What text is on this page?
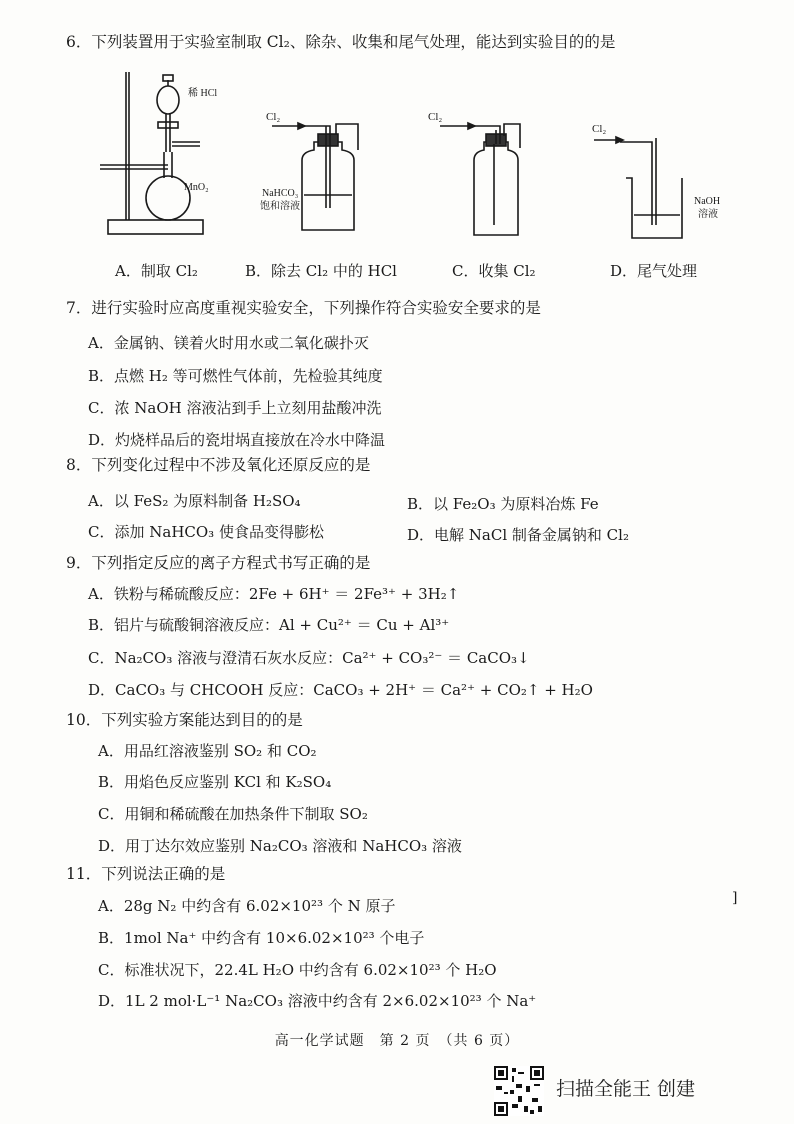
6．下列装置用于实验室制取 Cl₂、除杂、收集和尾气处理，能达到实验目的的是
稀 HCl
MnO₂
Cl₂
NaHCO₃
饱和溶液
Cl₂
Cl₂
NaOH
溶液
A．制取 Cl₂	B．除去 Cl₂ 中的 HCl	C．收集 Cl₂	D．尾气处理
7．进行实验时应高度重视实验安全，下列操作符合实验安全要求的是
A．金属钠、镁着火时用水或二氧化碳扑灭
B．点燃 H₂ 等可燃性气体前，先检验其纯度
C．浓 NaOH 溶液沾到手上立刻用盐酸冲洗
D．灼烧样品后的瓷坩埚直接放在冷水中降温
8．下列变化过程中不涉及氧化还原反应的是
A．以 FeS₂ 为原料制备 H₂SO₄	B．以 Fe₂O₃ 为原料冶炼 Fe
C．添加 NaHCO₃ 使食品变得膨松	D．电解 NaCl 制备金属钠和 Cl₂
9．下列指定反应的离子方程式书写正确的是
A．铁粉与稀硫酸反应：2Fe + 6H⁺ ＝ 2Fe³⁺ + 3H₂↑
B．铝片与硫酸铜溶液反应：Al + Cu²⁺ ＝ Cu + Al³⁺
C．Na₂CO₃ 溶液与澄清石灰水反应：Ca²⁺ + CO₃²⁻ ＝ CaCO₃↓
D．CaCO₃ 与 CHCOOH 反应：CaCO₃ + 2H⁺ ＝ Ca²⁺ + CO₂↑ + H₂O
10．下列实验方案能达到目的的是
A．用品红溶液鉴别 SO₂ 和 CO₂
B．用焰色反应鉴别 KCl 和 K₂SO₄
C．用铜和稀硫酸在加热条件下制取 SO₂
D．用丁达尔效应鉴别 Na₂CO₃ 溶液和 NaHCO₃ 溶液
11．下列说法正确的是
A．28g N₂ 中约含有 6.02×10²³ 个 N 原子
B．1mol Na⁺ 中约含有 10×6.02×10²³ 个电子
C．标准状况下，22.4L H₂O 中约含有 6.02×10²³ 个 H₂O
D．1L 2 mol·L⁻¹ Na₂CO₃ 溶液中约含有 2×6.02×10²³ 个 Na⁺
]
高一化学试题　第 2 页　（共 6 页）
扫描全能王 创建
